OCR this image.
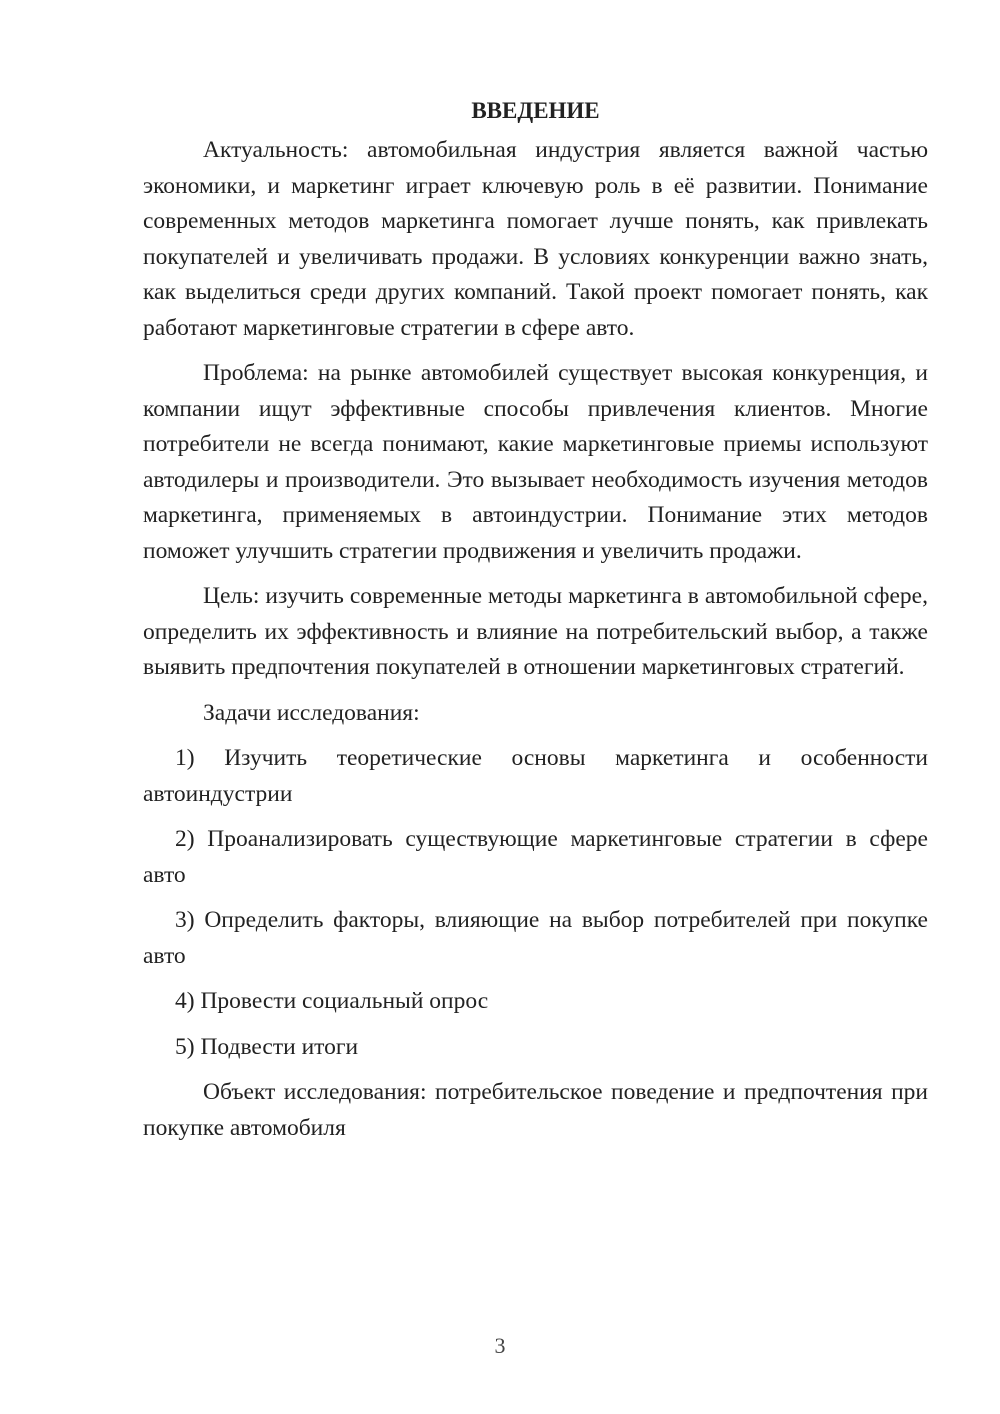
ВВЕДЕНИЕ

Актуальность: автомобильная индустрия является важной частью экономики, и маркетинг играет ключевую роль в её развитии. Понимание современных методов маркетинга помогает лучше понять, как привлекать покупателей и увеличивать продажи. В условиях конкуренции важно знать, как выделиться среди других компаний. Такой проект помогает понять, как работают маркетинговые стратегии в сфере авто.

Проблема: на рынке автомобилей существует высокая конкуренция, и компании ищут эффективные способы привлечения клиентов. Многие потребители не всегда понимают, какие маркетинговые приемы используют автодилеры и производители. Это вызывает необходимость изучения методов маркетинга, применяемых в автоиндустрии. Понимание этих методов поможет улучшить стратегии продвижения и увеличить продажи.

Цель: изучить современные методы маркетинга в автомобильной сфере, определить их эффективность и влияние на потребительский выбор, а также выявить предпочтения покупателей в отношении маркетинговых стратегий.

Задачи исследования:

1) Изучить теоретические основы маркетинга и особенности автоиндустрии

2) Проанализировать существующие маркетинговые стратегии в сфере авто

3) Определить факторы, влияющие на выбор потребителей при покупке авто

4) Провести социальный опрос

5) Подвести итоги

Объект исследования: потребительское поведение и предпочтения при покупке автомобиля

3
